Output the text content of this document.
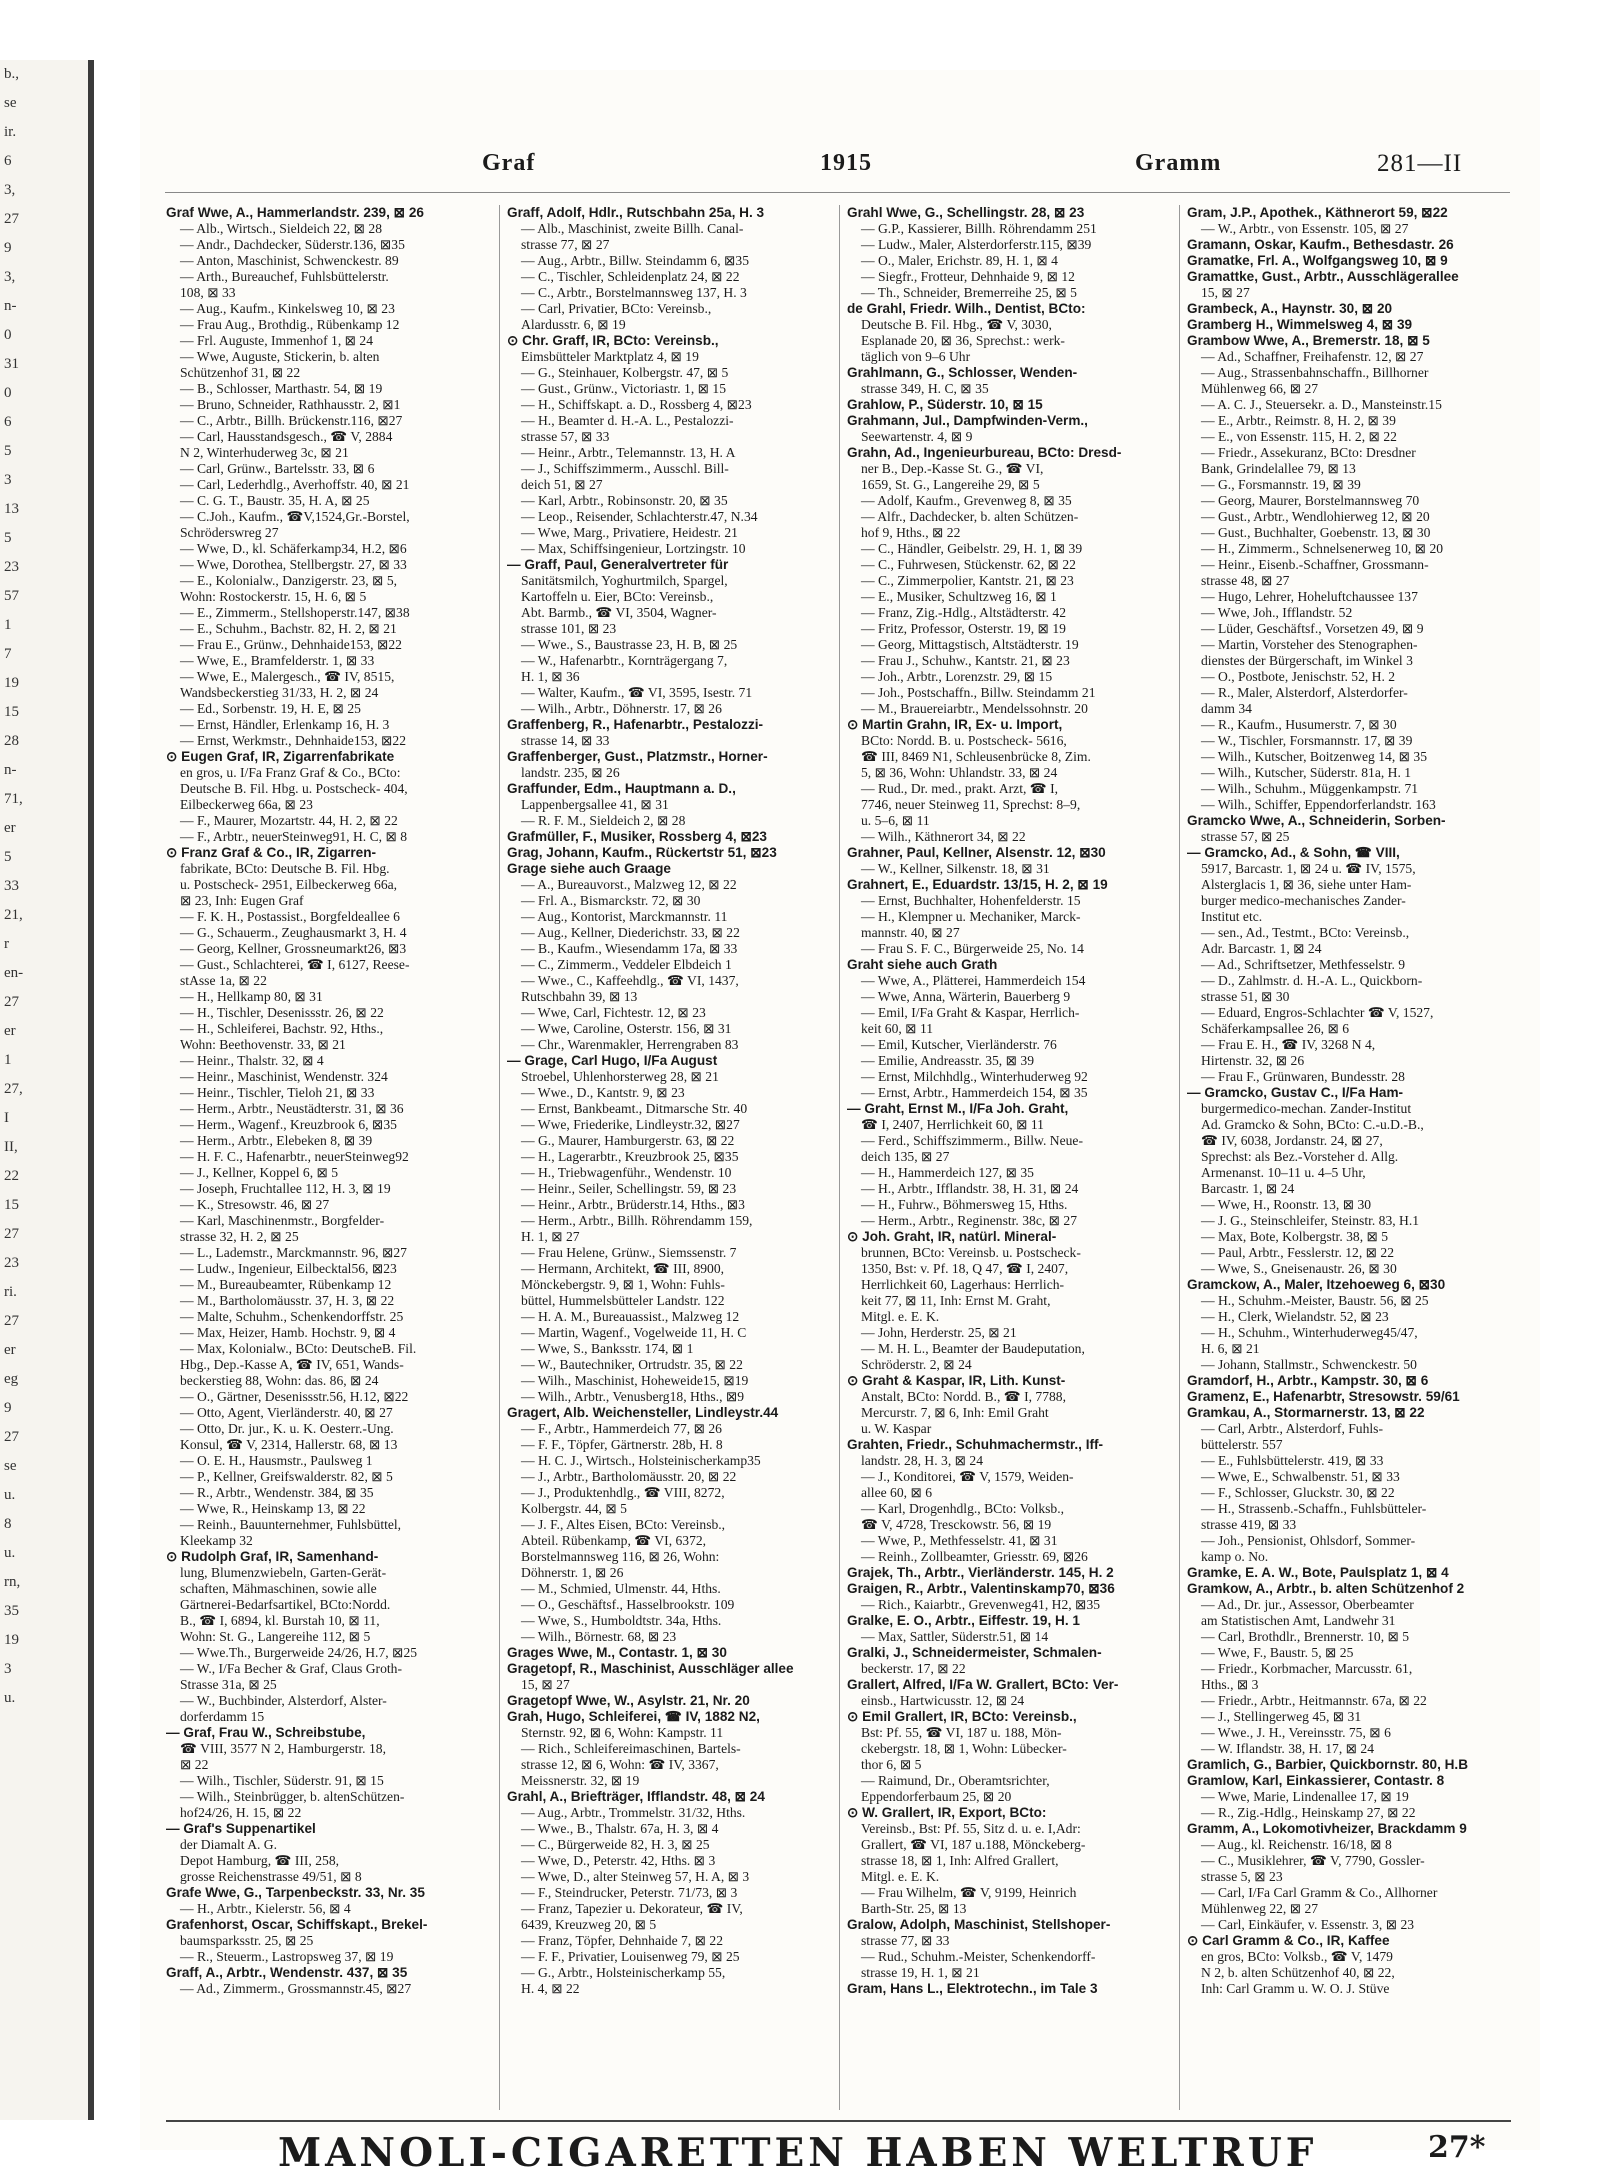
b.,
se
ir.
6
3,
27
9
3,
n-
0
31
0
6
5
3
13
5
23
57
1
7
19
15
28
n-
71,
er
5
33
21,
r
en-
27
er
1
27,
I
II,
22
15
27
23
ri.
27
er
eg
9
27
se
u.
8
u.
rn,
35
19
3
u.
Graf	1915	Gramm	281—II
Graf Wwe, A., Hammerlandstr. 239, ⊠ 26
— Alb., Wirtsch., Sieldeich 22, ⊠ 28
— Andr., Dachdecker, Süderstr.136, ⊠35
— Anton, Maschinist, Schwenckestr. 89
— Arth., Bureauchef, Fuhlsbüttelerstr.
108, ⊠ 33
— Aug., Kaufm., Kinkelsweg 10, ⊠ 23
— Frau Aug., Brothdig., Rübenkamp 12
— Frl. Auguste, Immenhof 1, ⊠ 24
— Wwe, Auguste, Stickerin, b. alten
Schützenhof 31, ⊠ 22
— B., Schlosser, Marthastr. 54, ⊠ 19
— Bruno, Schneider, Rathhausstr. 2, ⊠1
— C., Arbtr., Billh. Brückenstr.116, ⊠27
— Carl, Hausstandsgesch., ☎ V, 2884
N 2, Winterhuderweg 3c, ⊠ 21
— Carl, Grünw., Bartelsstr. 33, ⊠ 6
— Carl, Lederhdlg., Averhoffstr. 40, ⊠ 21
— C. G. T., Baustr. 35, H. A, ⊠ 25
— C.Joh., Kaufm., ☎V,1524,Gr.-Borstel,
Schröderswreg 27
— Wwe, D., kl. Schäferkamp34, H.2, ⊠6
— Wwe, Dorothea, Stellbergstr. 27, ⊠ 33
— E., Kolonialw., Danzigerstr. 23, ⊠ 5,
Wohn: Rostockerstr. 15, H. 6, ⊠ 5
— E., Zimmerm., Stellshoperstr.147, ⊠38
— E., Schuhm., Bachstr. 82, H. 2, ⊠ 21
— Frau E., Grünw., Dehnhaide153, ⊠22
— Wwe, E., Bramfelderstr. 1, ⊠ 33
— Wwe, E., Malergesch., ☎ IV, 8515,
Wandsbeckerstieg 31/33, H. 2, ⊠ 24
— Ed., Sorbenstr. 19, H. E, ⊠ 25
— Ernst, Händler, Erlenkamp 16, H. 3
— Ernst, Werkmstr., Dehnhaide153, ⊠22
⊙ Eugen Graf, IR, Zigarrenfabrikate
en gros, u. I/Fa Franz Graf & Co., BCto:
Deutsche B. Fil. Hbg. u. Postscheck- 404,
Eilbeckerweg 66a, ⊠ 23
— F., Maurer, Mozartstr. 44, H. 2, ⊠ 22
— F., Arbtr., neuerSteinweg91, H. C, ⊠ 8
⊙ Franz Graf & Co., IR, Zigarren-
fabrikate, BCto: Deutsche B. Fil. Hbg.
u. Postscheck- 2951, Eilbeckerweg 66a,
⊠ 23, Inh: Eugen Graf
— F. K. H., Postassist., Borgfeldeallee 6
— G., Schauerm., Zeughausmarkt 3, H. 4
— Georg, Kellner, Grossneumarkt26, ⊠3
— Gust., Schlachterei, ☎ I, 6127, Reese-
stAsse 1a, ⊠ 22
— H., Hellkamp 80, ⊠ 31
— H., Tischler, Desenissstr. 26, ⊠ 22
— H., Schleiferei, Bachstr. 92, Hths.,
Wohn: Beethovenstr. 33, ⊠ 21
— Heinr., Thalstr. 32, ⊠ 4
— Heinr., Maschinist, Wendenstr. 324
— Heinr., Tischler, Tieloh 21, ⊠ 33
— Herm., Arbtr., Neustädterstr. 31, ⊠ 36
— Herm., Wagenf., Kreuzbrook 6, ⊠35
— Herm., Arbtr., Elebeken 8, ⊠ 39
— H. F. C., Hafenarbtr., neuerSteinweg92
— J., Kellner, Koppel 6, ⊠ 5
— Joseph, Fruchtallee 112, H. 3, ⊠ 19
— K., Stresowstr. 46, ⊠ 27
— Karl, Maschinenmstr., Borgfelder-
strasse 32, H. 2, ⊠ 25
— L., Lademstr., Marckmannstr. 96, ⊠27
— Ludw., Ingenieur, Eilbecktal56, ⊠23
— M., Bureaubeamter, Rübenkamp 12
— M., Bartholomäusstr. 37, H. 3, ⊠ 22
— Malte, Schuhm., Schenkendorffstr. 25
— Max, Heizer, Hamb. Hochstr. 9, ⊠ 4
— Max, Kolonialw., BCto: DeutscheB. Fil.
Hbg., Dep.-Kasse A, ☎ IV, 651, Wands-
beckerstieg 88, Wohn: das. 86, ⊠ 24
— O., Gärtner, Desenissstr.56, H.12, ⊠22
— Otto, Agent, Vierländerstr. 40, ⊠ 27
— Otto, Dr. jur., K. u. K. Oesterr.-Ung.
Konsul, ☎ V, 2314, Hallerstr. 68, ⊠ 13
— O. E. H., Hausmstr., Paulsweg 1
— P., Kellner, Greifswalderstr. 82, ⊠ 5
— R., Arbtr., Wendenstr. 384, ⊠ 35
— Wwe, R., Heinskamp 13, ⊠ 22
— Reinh., Bauunternehmer, Fuhlsbüttel,
Kleekamp 32
⊙ Rudolph Graf, IR, Samenhand-
lung, Blumenzwiebeln, Garten-Gerät-
schaften, Mähmaschinen, sowie alle
Gärtnerei-Bedarfsartikel, BCto:Nordd.
B., ☎ I, 6894, kl. Burstah 10, ⊠ 11,
Wohn: St. G., Langereihe 112, ⊠ 5
— Wwe.Th., Burgerweide 24/26, H.7, ⊠25
— W., I/Fa Becher & Graf, Claus Groth-
Strasse 31a, ⊠ 25
— W., Buchbinder, Alsterdorf, Alster-
dorferdamm 15
— Graf, Frau W., Schreibstube,
☎ VIII, 3577 N 2, Hamburgerstr. 18,
⊠ 22
— Wilh., Tischler, Süderstr. 91, ⊠ 15
— Wilh., Steinbrügger, b. altenSchützen-
hof24/26, H. 15, ⊠ 22
— Graf's Suppenartikel
der Diamalt A. G.
Depot Hamburg, ☎ III, 258,
grosse Reichenstrasse 49/51, ⊠ 8
Grafe Wwe, G., Tarpenbeckstr. 33, Nr. 35
— H., Arbtr., Kielerstr. 56, ⊠ 4
Grafenhorst, Oscar, Schiffskapt., Brekel-
baumsparksstr. 25, ⊠ 25
— R., Steuerm., Lastropsweg 37, ⊠ 19
Graff, A., Arbtr., Wendenstr. 437, ⊠ 35
— Ad., Zimmerm., Grossmannstr.45, ⊠27
Graff, Adolf, Hdlr., Rutschbahn 25a, H. 3
— Alb., Maschinist, zweite Billh. Canal-
strasse 77, ⊠ 27
— Aug., Arbtr., Billw. Steindamm 6, ⊠35
— C., Tischler, Schleidenplatz 24, ⊠ 22
— C., Arbtr., Borstelmannsweg 137, H. 3
— Carl, Privatier, BCto: Vereinsb.,
Alardusstr. 6, ⊠ 19
⊙ Chr. Graff, IR, BCto: Vereinsb.,
Eimsbütteler Marktplatz 4, ⊠ 19
— G., Steinhauer, Kolbergstr. 47, ⊠ 5
— Gust., Grünw., Victoriastr. 1, ⊠ 15
— H., Schiffskapt. a. D., Rossberg 4, ⊠23
— H., Beamter d. H.-A. L., Pestalozzi-
strasse 57, ⊠ 33
— Heinr., Arbtr., Telemannstr. 13, H. A
— J., Schiffszimmerm., Ausschl. Bill-
deich 51, ⊠ 27
— Karl, Arbtr., Robinsonstr. 20, ⊠ 35
— Leop., Reisender, Schlachterstr.47, N.34
— Wwe, Marg., Privatiere, Heidestr. 21
— Max, Schiffsingenieur, Lortzingstr. 10
— Graff, Paul, Generalvertreter für
Sanitätsmilch, Yoghurtmilch, Spargel,
Kartoffeln u. Eier, BCto: Vereinsb.,
Abt. Barmb., ☎ VI, 3504, Wagner-
strasse 101, ⊠ 23
— Wwe., S., Baustrasse 23, H. B, ⊠ 25
— W., Hafenarbtr., Kornträgergang 7,
H. 1, ⊠ 36
— Walter, Kaufm., ☎ VI, 3595, Isestr. 71
— Wilh., Arbtr., Döhnerstr. 17, ⊠ 26
Graffenberg, R., Hafenarbtr., Pestalozzi-
strasse 14, ⊠ 33
Graffenberger, Gust., Platzmstr., Horner-
landstr. 235, ⊠ 26
Graffunder, Edm., Hauptmann a. D.,
Lappenbergsallee 41, ⊠ 31
— R. F. M., Sieldeich 2, ⊠ 28
Grafmüller, F., Musiker, Rossberg 4, ⊠23
Grag, Johann, Kaufm., Rückertstr 51, ⊠23
Grage siehe auch Graage
— A., Bureauvorst., Malzweg 12, ⊠ 22
— Frl. A., Bismarckstr. 72, ⊠ 30
— Aug., Kontorist, Marckmannstr. 11
— Aug., Kellner, Diederichstr. 33, ⊠ 22
— B., Kaufm., Wiesendamm 17a, ⊠ 33
— C., Zimmerm., Veddeler Elbdeich 1
— Wwe., C., Kaffeehdlg., ☎ VI, 1437,
Rutschbahn 39, ⊠ 13
— Wwe, Carl, Fichtestr. 12, ⊠ 23
— Wwe, Caroline, Osterstr. 156, ⊠ 31
— Chr., Warenmakler, Herrengraben 83
— Grage, Carl Hugo, I/Fa August
Stroebel, Uhlenhorsterweg 28, ⊠ 21
— Wwe., D., Kantstr. 9, ⊠ 23
— Ernst, Bankbeamt., Ditmarsche Str. 40
— Wwe, Friederike, Lindleystr.32, ⊠27
— G., Maurer, Hamburgerstr. 63, ⊠ 22
— H., Lagerarbtr., Kreuzbrook 25, ⊠35
— H., Triebwagenführ., Wendenstr. 10
— Heinr., Seiler, Schellingstr. 59, ⊠ 23
— Heinr., Arbtr., Brüderstr.14, Hths., ⊠3
— Herm., Arbtr., Billh. Röhrendamm 159,
H. 1, ⊠ 27
— Frau Helene, Grünw., Siemssenstr. 7
— Hermann, Architekt, ☎ III, 8900,
Mönckebergstr. 9, ⊠ 1, Wohn: Fuhls-
büttel, Hummelsbütteler Landstr. 122
— H. A. M., Bureauassist., Malzweg 12
— Martin, Wagenf., Vogelweide 11, H. C
— Wwe, S., Banksstr. 174, ⊠ 1
— W., Bautechniker, Ortrudstr. 35, ⊠ 22
— Wilh., Maschinist, Hoheweide15, ⊠19
— Wilh., Arbtr., Venusberg18, Hths., ⊠9
Gragert, Alb. Weichensteller, Lindleystr.44
— F., Arbtr., Hammerdeich 77, ⊠ 26
— F. F., Töpfer, Gärtnerstr. 28b, H. 8
— H. C. J., Wirtsch., Holsteinischerkamp35
— J., Arbtr., Bartholomäusstr. 20, ⊠ 22
— J., Produktenhdlg., ☎ VIII, 8272,
Kolbergstr. 44, ⊠ 5
— J. F., Altes Eisen, BCto: Vereinsb.,
Abteil. Rübenkamp, ☎ VI, 6372,
Borstelmannsweg 116, ⊠ 26, Wohn:
Döhnerstr. 1, ⊠ 26
— M., Schmied, Ulmenstr. 44, Hths.
— O., Geschäftsf., Hasselbrookstr. 109
— Wwe, S., Humboldtstr. 34a, Hths.
— Wilh., Börnestr. 68, ⊠ 23
Grages Wwe, M., Contastr. 1, ⊠ 30
Gragetopf, R., Maschinist, Ausschläger allee
15, ⊠ 27
Gragetopf Wwe, W., Asylstr. 21, Nr. 20
Grah, Hugo, Schleiferei, ☎ IV, 1882 N2,
Sternstr. 92, ⊠ 6, Wohn: Kampstr. 11
— Rich., Schleifereimaschinen, Bartels-
strasse 12, ⊠ 6, Wohn: ☎ IV, 3367,
Meissnerstr. 32, ⊠ 19
Grahl, A., Briefträger, Ifflandstr. 48, ⊠ 24
— Aug., Arbtr., Trommelstr. 31/32, Hths.
— Wwe., B., Thalstr. 67a, H. 3, ⊠ 4
— C., Bürgerweide 82, H. 3, ⊠ 25
— Wwe, D., Peterstr. 42, Hths. ⊠ 3
— Wwe, D., alter Steinweg 57, H. A, ⊠ 3
— F., Steindrucker, Peterstr. 71/73, ⊠ 3
— Franz, Tapezier u. Dekorateur, ☎ IV,
6439, Kreuzweg 20, ⊠ 5
— Franz, Töpfer, Dehnhaide 7, ⊠ 22
— F. F., Privatier, Louisenweg 79, ⊠ 25
— G., Arbtr., Holsteinischerkamp 55,
H. 4, ⊠ 22
Grahl Wwe, G., Schellingstr. 28, ⊠ 23
— G.P., Kassierer, Billh. Röhrendamm 251
— Ludw., Maler, Alsterdorferstr.115, ⊠39
— O., Maler, Erichstr. 89, H. 1, ⊠ 4
— Siegfr., Frotteur, Dehnhaide 9, ⊠ 12
— Th., Schneider, Bremerreihe 25, ⊠ 5
de Grahl, Friedr. Wilh., Dentist, BCto:
Deutsche B. Fil. Hbg., ☎ V, 3030,
Esplanade 20, ⊠ 36, Sprechst.: werk-
täglich von 9–6 Uhr
Grahlmann, G., Schlosser, Wenden-
strasse 349, H. C, ⊠ 35
Grahlow, P., Süderstr. 10, ⊠ 15
Grahmann, Jul., Dampfwinden-Verm.,
Seewartenstr. 4, ⊠ 9
Grahn, Ad., Ingenieurbureau, BCto: Dresd-
ner B., Dep.-Kasse St. G., ☎ VI,
1659, St. G., Langereihe 29, ⊠ 5
— Adolf, Kaufm., Grevenweg 8, ⊠ 35
— Alfr., Dachdecker, b. alten Schützen-
hof 9, Hths., ⊠ 22
— C., Händler, Geibelstr. 29, H. 1, ⊠ 39
— C., Fuhrwesen, Stückenstr. 62, ⊠ 22
— C., Zimmerpolier, Kantstr. 21, ⊠ 23
— E., Musiker, Schultzweg 16, ⊠ 1
— Franz, Zig.-Hdlg., Altstädterstr. 42
— Fritz, Professor, Osterstr. 19, ⊠ 19
— Georg, Mittagstisch, Altstädterstr. 19
— Frau J., Schuhw., Kantstr. 21, ⊠ 23
— Joh., Arbtr., Lorenzstr. 29, ⊠ 15
— Joh., Postschaffn., Billw. Steindamm 21
— M., Brauereiarbtr., Mendelssohnstr. 20
⊙ Martin Grahn, IR, Ex- u. Import,
BCto: Nordd. B. u. Postscheck- 5616,
☎ III, 8469 N1, Schleusenbrücke 8, Zim.
5, ⊠ 36, Wohn: Uhlandstr. 33, ⊠ 24
— Rud., Dr. med., prakt. Arzt, ☎ I,
7746, neuer Steinweg 11, Sprechst: 8–9,
u. 5–6, ⊠ 11
— Wilh., Käthnerort 34, ⊠ 22
Grahner, Paul, Kellner, Alsenstr. 12, ⊠30
— W., Kellner, Silkenstr. 18, ⊠ 31
Grahnert, E., Eduardstr. 13/15, H. 2, ⊠ 19
— Ernst, Buchhalter, Hohenfelderstr. 15
— H., Klempner u. Mechaniker, Marck-
mannstr. 40, ⊠ 27
— Frau S. F. C., Bürgerweide 25, No. 14
Graht siehe auch Grath
— Wwe, A., Plätterei, Hammerdeich 154
— Wwe, Anna, Wärterin, Bauerberg 9
— Emil, I/Fa Graht & Kaspar, Herrlich-
keit 60, ⊠ 11
— Emil, Kutscher, Vierländerstr. 76
— Emilie, Andreasstr. 35, ⊠ 39
— Ernst, Milchhdlg., Winterhuderweg 92
— Ernst, Arbtr., Hammerdeich 154, ⊠ 35
— Graht, Ernst M., I/Fa Joh. Graht,
☎ I, 2407, Herrlichkeit 60, ⊠ 11
— Ferd., Schiffszimmerm., Billw. Neue-
deich 135, ⊠ 27
— H., Hammerdeich 127, ⊠ 35
— H., Arbtr., Ifflandstr. 38, H. 31, ⊠ 24
— H., Fuhrw., Böhmersweg 15, Hths.
— Herm., Arbtr., Reginenstr. 38c, ⊠ 27
⊙ Joh. Graht, IR, natürl. Mineral-
brunnen, BCto: Vereinsb. u. Postscheck-
1350, Bst: v. Pf. 18, Q 47, ☎ I, 2407,
Herrlichkeit 60, Lagerhaus: Herrlich-
keit 77, ⊠ 11, Inh: Ernst M. Graht,
Mitgl. e. E. K.
— John, Herderstr. 25, ⊠ 21
— M. H. L., Beamter der Baudeputation,
Schröderstr. 2, ⊠ 24
⊙ Graht & Kaspar, IR, Lith. Kunst-
Anstalt, BCto: Nordd. B., ☎ I, 7788,
Mercurstr. 7, ⊠ 6, Inh: Emil Graht
u. W. Kaspar
Grahten, Friedr., Schuhmachermstr., Iff-
landstr. 28, H. 3, ⊠ 24
— J., Konditorei, ☎ V, 1579, Weiden-
allee 60, ⊠ 6
— Karl, Drogenhdlg., BCto: Volksb.,
☎ V, 4728, Tresckowstr. 56, ⊠ 19
— Wwe, P., Methfesselstr. 41, ⊠ 31
— Reinh., Zollbeamter, Griesstr. 69, ⊠26
Grajek, Th., Arbtr., Vierländerstr. 145, H. 2
Graigen, R., Arbtr., Valentinskamp70, ⊠36
— Rich., Kaiarbtr., Grevenweg41, H2, ⊠35
Gralke, E. O., Arbtr., Eiffestr. 19, H. 1
— Max, Sattler, Süderstr.51, ⊠ 14
Gralki, J., Schneidermeister, Schmalen-
beckerstr. 17, ⊠ 22
Grallert, Alfred, I/Fa W. Grallert, BCto: Ver-
einsb., Hartwicusstr. 12, ⊠ 24
⊙ Emil Grallert, IR, BCto: Vereinsb.,
Bst: Pf. 55, ☎ VI, 187 u. 188, Mön-
ckebergstr. 18, ⊠ 1, Wohn: Lübecker-
thor 6, ⊠ 5
— Raimund, Dr., Oberamtsrichter,
Eppendorferbaum 25, ⊠ 20
⊙ W. Grallert, IR, Export, BCto:
Vereinsb., Bst: Pf. 55, Sitz d. u. e. I,Adr:
Grallert, ☎ VI, 187 u.188, Mönckeberg-
strasse 18, ⊠ 1, Inh: Alfred Grallert,
Mitgl. e. E. K.
— Frau Wilhelm, ☎ V, 9199, Heinrich
Barth-Str. 25, ⊠ 13
Gralow, Adolph, Maschinist, Stellshoper-
strasse 77, ⊠ 33
— Rud., Schuhm.-Meister, Schenkendorff-
strasse 19, H. 1, ⊠ 21
Gram, Hans L., Elektrotechn., im Tale 3
Gram, J.P., Apothek., Käthnerort 59, ⊠22
— W., Arbtr., von Essenstr. 105, ⊠ 27
Gramann, Oskar, Kaufm., Bethesdastr. 26
Gramatke, Frl. A., Wolfgangsweg 10, ⊠ 9
Gramattke, Gust., Arbtr., Ausschlägerallee
15, ⊠ 27
Grambeck, A., Haynstr. 30, ⊠ 20
Gramberg H., Wimmelsweg 4, ⊠ 39
Grambow Wwe, A., Bremerstr. 18, ⊠ 5
— Ad., Schaffner, Freihafenstr. 12, ⊠ 27
— Aug., Strassenbahnschaffn., Billhorner
Mühlenweg 66, ⊠ 27
— A. C. J., Steuersekr. a. D., Mansteinstr.15
— E., Arbtr., Reimstr. 8, H. 2, ⊠ 39
— E., von Essenstr. 115, H. 2, ⊠ 22
— Friedr., Assekuranz, BCto: Dresdner
Bank, Grindelallee 79, ⊠ 13
— G., Forsmannstr. 19, ⊠ 39
— Georg, Maurer, Borstelmannsweg 70
— Gust., Arbtr., Wendlohierweg 12, ⊠ 20
— Gust., Buchhalter, Goebenstr. 13, ⊠ 30
— H., Zimmerm., Schnelsenerweg 10, ⊠ 20
— Heinr., Eisenb.-Schaffner, Grossmann-
strasse 48, ⊠ 27
— Hugo, Lehrer, Hoheluftchaussee 137
— Wwe, Joh., Ifflandstr. 52
— Lüder, Geschäftsf., Vorsetzen 49, ⊠ 9
— Martin, Vorsteher des Stenographen-
dienstes der Bürgerschaft, im Winkel 3
— O., Postbote, Jenischstr. 52, H. 2
— R., Maler, Alsterdorf, Alsterdorfer-
damm 34
— R., Kaufm., Husumerstr. 7, ⊠ 30
— W., Tischler, Forsmannstr. 17, ⊠ 39
— Wilh., Kutscher, Boitzenweg 14, ⊠ 35
— Wilh., Kutscher, Süderstr. 81a, H. 1
— Wilh., Schuhm., Müggenkampstr. 71
— Wilh., Schiffer, Eppendorferlandstr. 163
Gramcko Wwe, A., Schneiderin, Sorben-
strasse 57, ⊠ 25
— Gramcko, Ad., & Sohn, ☎ VIII,
5917, Barcastr. 1, ⊠ 24 u. ☎ IV, 1575,
Alsterglacis 1, ⊠ 36, siehe unter Ham-
burger medico-mechanisches Zander-
Institut etc.
— sen., Ad., Testmt., BCto: Vereinsb.,
Adr. Barcastr. 1, ⊠ 24
— Ad., Schriftsetzer, Methfesselstr. 9
— D., Zahlmstr. d. H.-A. L., Quickborn-
strasse 51, ⊠ 30
— Eduard, Engros-Schlachter ☎ V, 1527,
Schäferkampsallee 26, ⊠ 6
— Frau E. H., ☎ IV, 3268 N 4,
Hirtenstr. 32, ⊠ 26
— Frau F., Grünwaren, Bundesstr. 28
— Gramcko, Gustav C., I/Fa Ham-
burgermedico-mechan. Zander-Institut
Ad. Gramcko & Sohn, BCto: C.-u.D.-B.,
☎ IV, 6038, Jordanstr. 24, ⊠ 27,
Sprechst: als Bez.-Vorsteher d. Allg.
Armenanst. 10–11 u. 4–5 Uhr,
Barcastr. 1, ⊠ 24
— Wwe, H., Roonstr. 13, ⊠ 30
— J. G., Steinschleifer, Steinstr. 83, H.1
— Max, Bote, Kolbergstr. 38, ⊠ 5
— Paul, Arbtr., Fesslerstr. 12, ⊠ 22
— Wwe, S., Gneisenaustr. 26, ⊠ 30
Gramckow, A., Maler, Itzehoeweg 6, ⊠30
— H., Schuhm.-Meister, Baustr. 56, ⊠ 25
— H., Clerk, Wielandstr. 52, ⊠ 23
— H., Schuhm., Winterhuderweg45/47,
H. 6, ⊠ 21
— Johann, Stallmstr., Schwenckestr. 50
Gramdorf, H., Arbtr., Kampstr. 30, ⊠ 6
Gramenz, E., Hafenarbtr, Stresowstr. 59/61
Gramkau, A., Stormarnerstr. 13, ⊠ 22
— Carl, Arbtr., Alsterdorf, Fuhls-
büttelerstr. 557
— E., Fuhlsbüttelerstr. 419, ⊠ 33
— Wwe, E., Schwalbenstr. 51, ⊠ 33
— F., Schlosser, Gluckstr. 30, ⊠ 22
— H., Strassenb.-Schaffn., Fuhlsbütteler-
strasse 419, ⊠ 33
— Joh., Pensionist, Ohlsdorf, Sommer-
kamp o. No.
Gramke, E. A. W., Bote, Paulsplatz 1, ⊠ 4
Gramkow, A., Arbtr., b. alten Schützenhof 2
— Ad., Dr. jur., Assessor, Oberbeamter
am Statistischen Amt, Landwehr 31
— Carl, Brothdlr., Brennerstr. 10, ⊠ 5
— Wwe, F., Baustr. 5, ⊠ 25
— Friedr., Korbmacher, Marcusstr. 61,
Hths., ⊠ 3
— Friedr., Arbtr., Heitmannstr. 67a, ⊠ 22
— J., Stellingerweg 45, ⊠ 31
— Wwe., J. H., Vereinsstr. 75, ⊠ 6
— W. Iflandstr. 38, H. 17, ⊠ 24
Gramlich, G., Barbier, Quickbornstr. 80, H.B
Gramlow, Karl, Einkassierer, Contastr. 8
— Wwe, Marie, Lindenallee 17, ⊠ 19
— R., Zig.-Hdlg., Heinskamp 27, ⊠ 22
Gramm, A., Lokomotivheizer, Brackdamm 9
— Aug., kl. Reichenstr. 16/18, ⊠ 8
— C., Musiklehrer, ☎ V, 7790, Gossler-
strasse 5, ⊠ 23
— Carl, I/Fa Carl Gramm & Co., Allhorner
Mühlenweg 22, ⊠ 27
— Carl, Einkäufer, v. Essenstr. 3, ⊠ 23
⊙ Carl Gramm & Co., IR, Kaffee
en gros, BCto: Volksb., ☎ V, 1479
N 2, b. alten Schützenhof 40, ⊠ 22,
Inh: Carl Gramm u. W. O. J. Stüve
MANOLI-CIGARETTEN HABEN WELTRUF	27*
